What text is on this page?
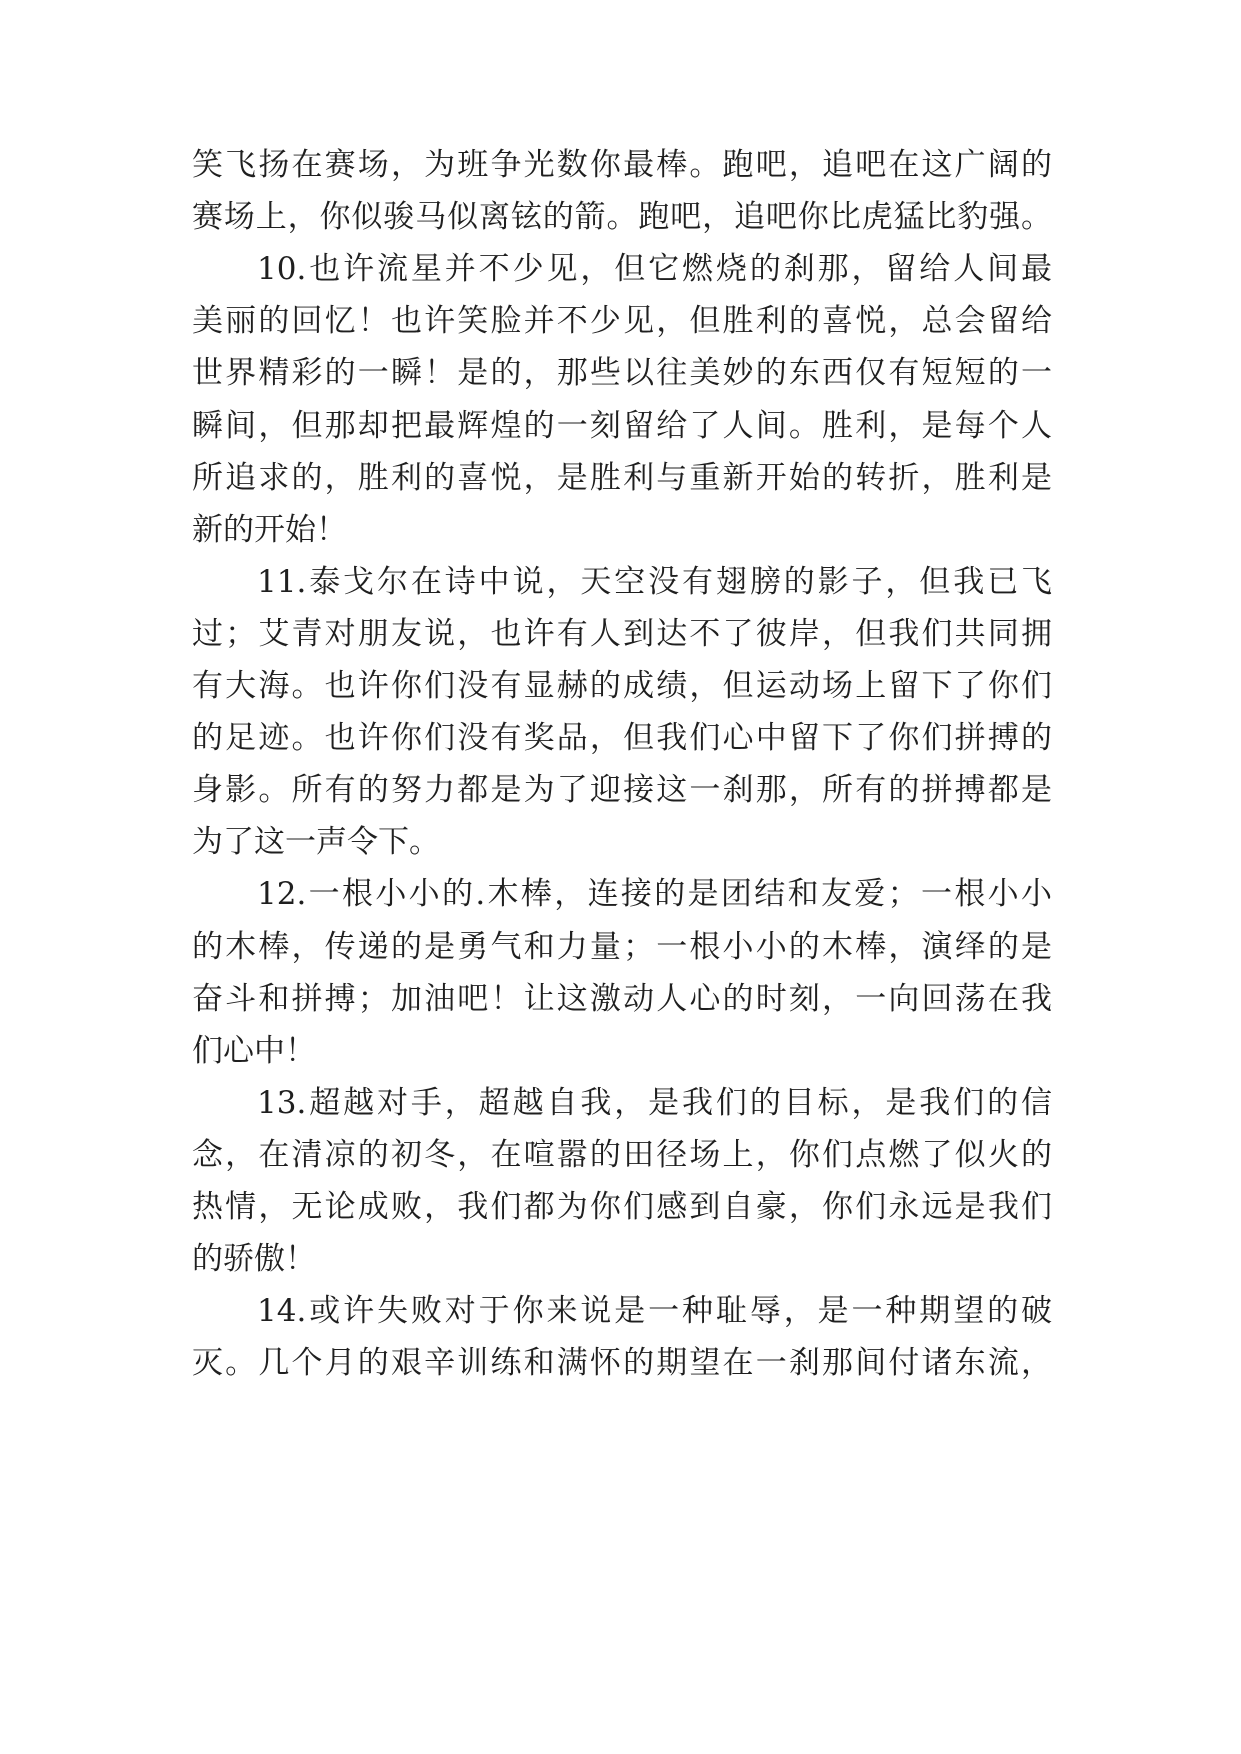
笑飞扬在赛场，为班争光数你最棒。跑吧，追吧在这广阔的
赛场上，你似骏马似离铉的箭。跑吧，追吧你比虎猛比豹强。
10.也许流星并不少见，但它燃烧的刹那，留给人间最
美丽的回忆！也许笑脸并不少见，但胜利的喜悦，总会留给
世界精彩的一瞬！是的，那些以往美妙的东西仅有短短的一
瞬间，但那却把最辉煌的一刻留给了人间。胜利，是每个人
所追求的，胜利的喜悦，是胜利与重新开始的转折，胜利是
新的开始！
11.泰戈尔在诗中说，天空没有翅膀的影子，但我已飞
过；艾青对朋友说，也许有人到达不了彼岸，但我们共同拥
有大海。也许你们没有显赫的成绩，但运动场上留下了你们
的足迹。也许你们没有奖品，但我们心中留下了你们拼搏的
身影。所有的努力都是为了迎接这一刹那，所有的拼搏都是
为了这一声令下。
12.一根小小的.木棒，连接的是团结和友爱；一根小小
的木棒，传递的是勇气和力量；一根小小的木棒，演绎的是
奋斗和拼搏；加油吧！让这激动人心的时刻，一向回荡在我
们心中！
13.超越对手，超越自我，是我们的目标，是我们的信
念，在清凉的初冬，在喧嚣的田径场上，你们点燃了似火的
热情，无论成败，我们都为你们感到自豪，你们永远是我们
的骄傲！
14.或许失败对于你来说是一种耻辱，是一种期望的破
灭。几个月的艰辛训练和满怀的期望在一刹那间付诸东流，
